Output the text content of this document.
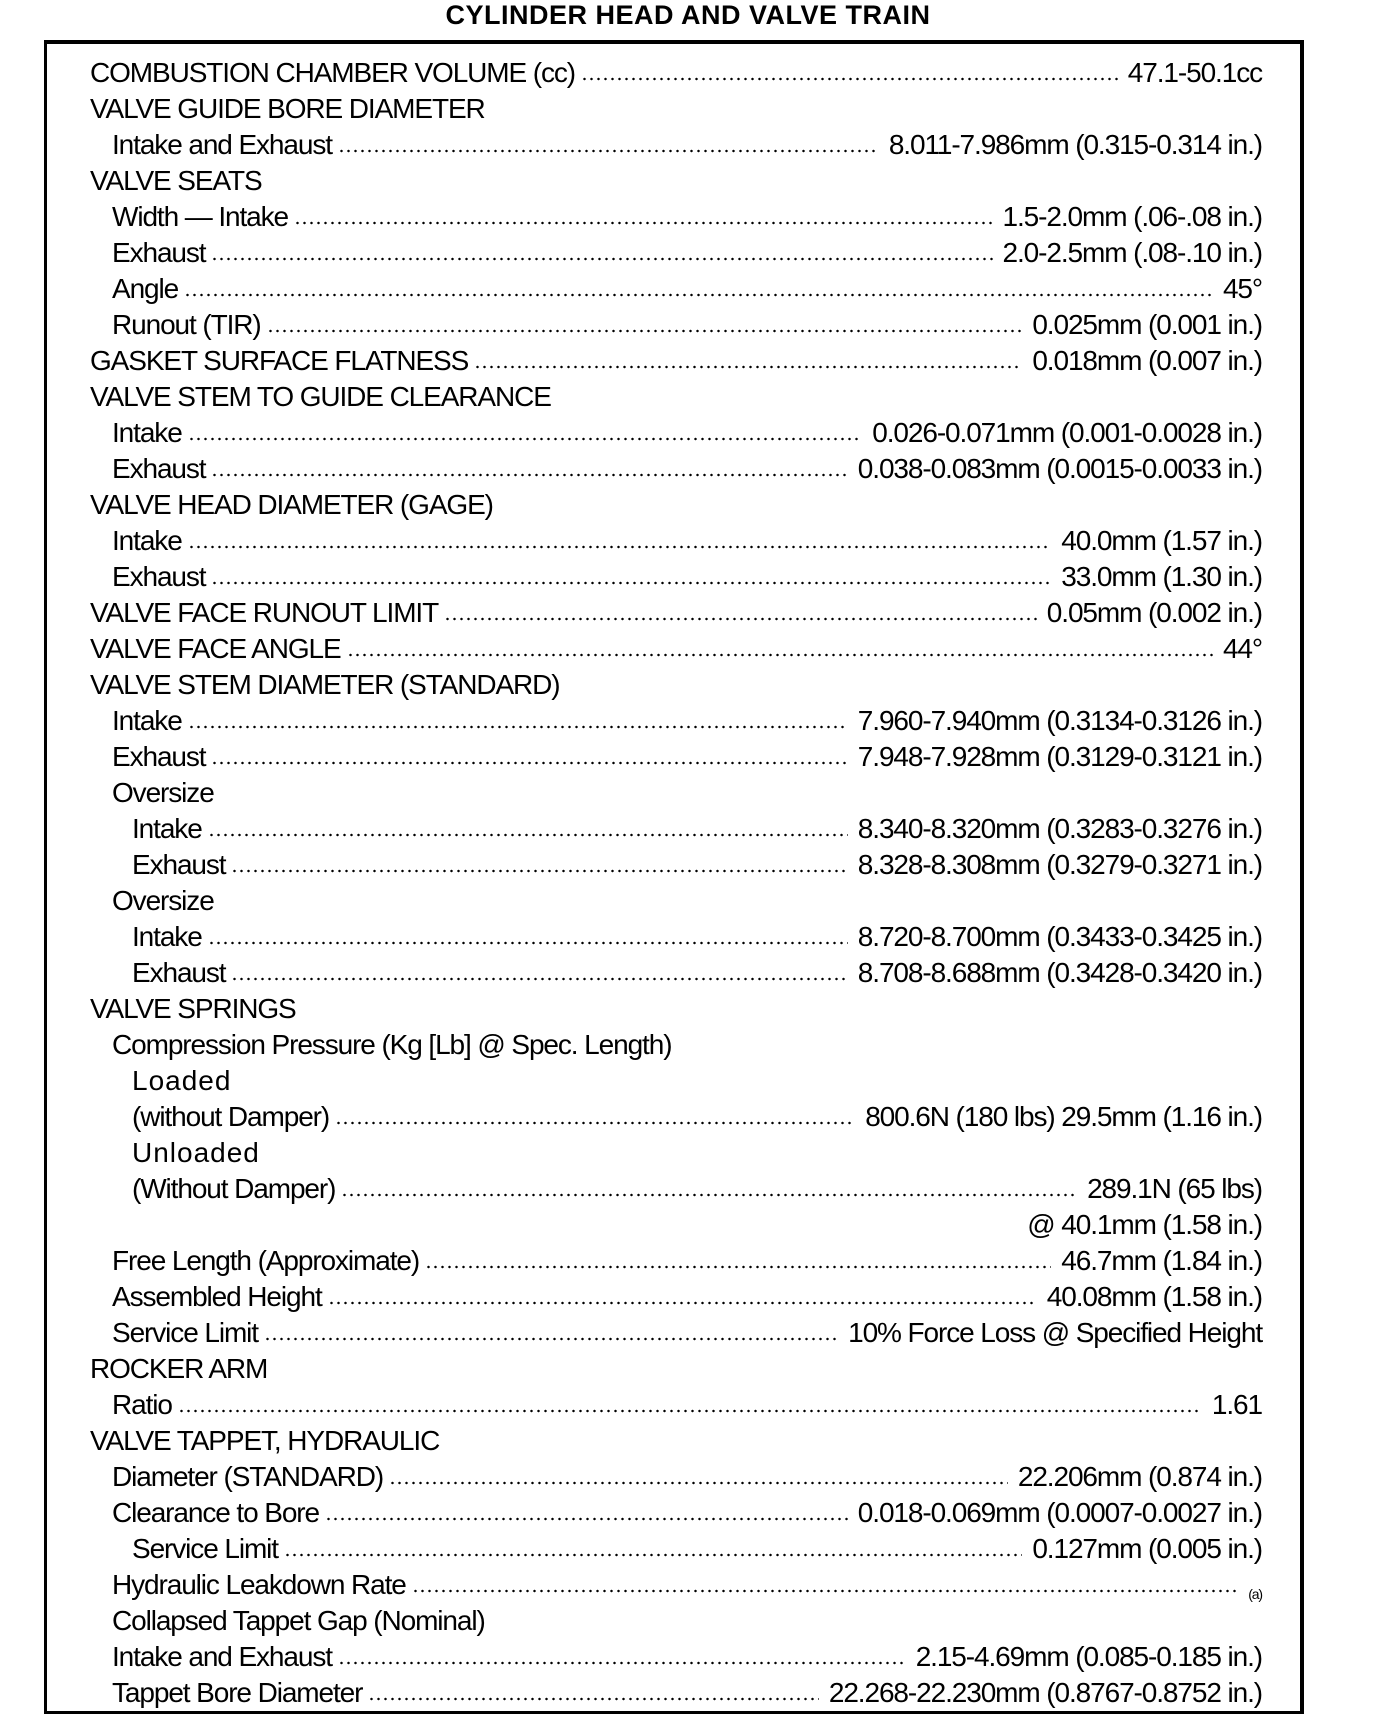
CYLINDER HEAD AND VALVE TRAIN
COMBUSTION CHAMBER VOLUME (cc)	47.1-50.1cc
VALVE GUIDE BORE DIAMETER
Intake and Exhaust	8.011-7.986mm (0.315-0.314 in.)
VALVE SEATS
Width — Intake	1.5-2.0mm (.06-.08 in.)
Exhaust	2.0-2.5mm (.08-.10 in.)
Angle	45°
Runout (TIR)	0.025mm (0.001 in.)
GASKET SURFACE FLATNESS	0.018mm (0.007 in.)
VALVE STEM TO GUIDE CLEARANCE
Intake	0.026-0.071mm (0.001-0.0028 in.)
Exhaust	0.038-0.083mm (0.0015-0.0033 in.)
VALVE HEAD DIAMETER (GAGE)
Intake	40.0mm (1.57 in.)
Exhaust	33.0mm (1.30 in.)
VALVE FACE RUNOUT LIMIT	0.05mm (0.002 in.)
VALVE FACE ANGLE	44°
VALVE STEM DIAMETER (STANDARD)
Intake	7.960-7.940mm (0.3134-0.3126 in.)
Exhaust	7.948-7.928mm (0.3129-0.3121 in.)
Oversize
Intake	8.340-8.320mm (0.3283-0.3276 in.)
Exhaust	8.328-8.308mm (0.3279-0.3271 in.)
Oversize
Intake	8.720-8.700mm (0.3433-0.3425 in.)
Exhaust	8.708-8.688mm (0.3428-0.3420 in.)
VALVE SPRINGS
Compression Pressure (Kg [Lb] @ Spec. Length)
Loaded
(without Damper)	800.6N (180 lbs) 29.5mm (1.16 in.)
Unloaded
(Without Damper)	289.1N (65 lbs)
@ 40.1mm (1.58 in.)
Free Length (Approximate)	46.7mm (1.84 in.)
Assembled Height	40.08mm (1.58 in.)
Service Limit	10% Force Loss @ Specified Height
ROCKER ARM
Ratio	1.61
VALVE TAPPET, HYDRAULIC
Diameter (STANDARD)	22.206mm (0.874 in.)
Clearance to Bore	0.018-0.069mm (0.0007-0.0027 in.)
Service Limit	0.127mm (0.005 in.)
Hydraulic Leakdown Rate	(a)
Collapsed Tappet Gap (Nominal)
Intake and Exhaust	2.15-4.69mm (0.085-0.185 in.)
Tappet Bore Diameter	22.268-22.230mm (0.8767-0.8752 in.)
